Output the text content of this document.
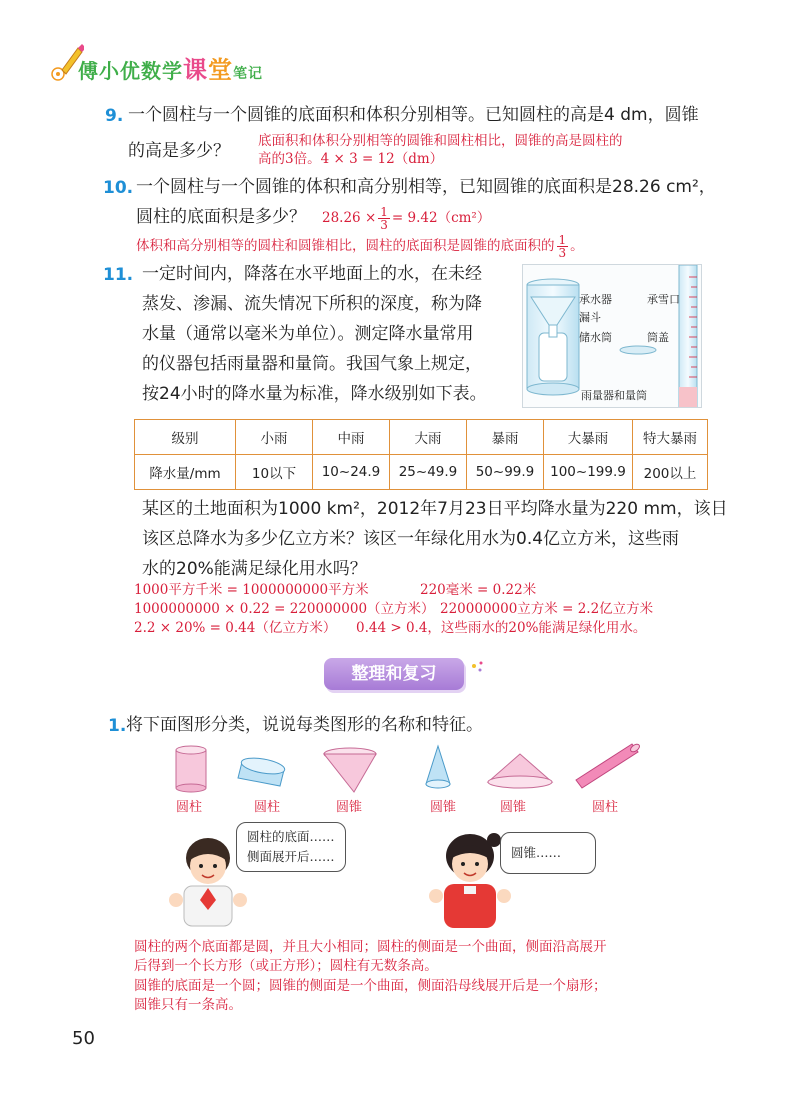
傅小优数学课堂笔记
9. 一个圆柱与一个圆锥的底面积和体积分别相等。已知圆柱的高是4 dm，圆锥
的高是多少？ 底面积和体积分别相等的圆锥和圆柱相比，圆锥的高是圆柱的
高的3倍。4 × 3 = 12（dm）
10. 一个圆柱与一个圆锥的体积和高分别相等，已知圆锥的底面积是28.26 cm²，
圆柱的底面积是多少？ $28.26 \times \frac{1}{3} = 9.42(cm^2)$
体积和高分别相等的圆柱和圆锥相比，圆柱的底面积是圆锥的底面积的 $\frac{1}{3}$ 。
11. 一定时间内，降落在水平地面上的水，在未经
蒸发、渗漏、流失情况下所积的深度，称为降
水量（通常以毫米为单位）。测定降水量常用
的仪器包括雨量器和量筒。我国气象上规定，
按24小时的降水量为标准，降水级别如下表。
承水器
漏斗
储水筒
承雪口
筒盖
雨量器和量筒
级别	小雨	中雨	大雨	暴雨	大暴雨	特大暴雨
降水量/mm	10以下	10~24.9	25~49.9	50~99.9	100~199.9	200以上
某区的土地面积为1000 km²，2012年7月23日平均降水量为220 mm，该日
该区总降水为多少亿立方米？该区一年绿化用水为0.4亿立方米，这些雨
水的20%能满足绿化用水吗？
1000平方千米 = 1000000000平方米	220毫米 = 0.22米
1000000000 × 0.22 = 220000000（立方米） 220000000立方米 = 2.2亿立方米
2.2 × 20% = 0.44（亿立方米） 0.44 > 0.4，这些雨水的20%能满足绿化用水。
整理和复习
1. 将下面图形分类，说说每类图形的名称和特征。
圆柱	圆柱	圆锥	圆锥	圆锥	圆柱
圆柱的底面……
侧面展开后……	圆锥……
圆柱的两个底面都是圆，并且大小相同；圆柱的侧面是一个曲面，侧面沿高展开
后得到一个长方形（或正方形）；圆柱有无数条高。
圆锥的底面是一个圆；圆锥的侧面是一个曲面，侧面沿母线展开后是一个扇形；
圆锥只有一条高。
50
